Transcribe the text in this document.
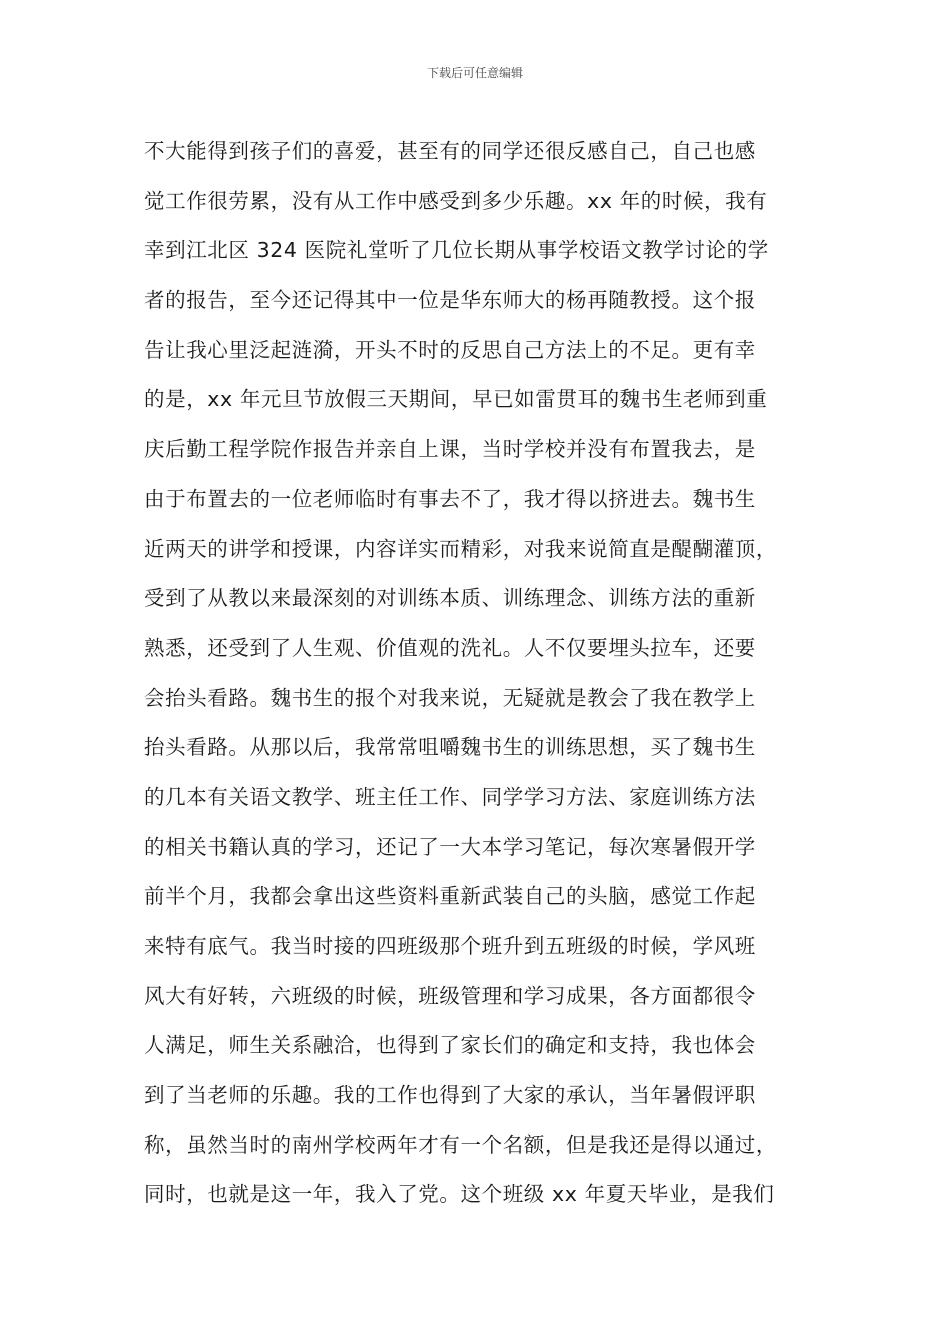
下载后可任意编辑
不大能得到孩子们的喜爱，甚至有的同学还很反感自己，自己也感
觉工作很劳累，没有从工作中感受到多少乐趣。xx 年的时候，我有
幸到江北区 324 医院礼堂听了几位长期从事学校语文教学讨论的学
者的报告，至今还记得其中一位是华东师大的杨再随教授。这个报
告让我心里泛起涟漪，开头不时的反思自己方法上的不足。更有幸
的是，xx 年元旦节放假三天期间，早已如雷贯耳的魏书生老师到重
庆后勤工程学院作报告并亲自上课，当时学校并没有布置我去，是
由于布置去的一位老师临时有事去不了，我才得以挤进去。魏书生
近两天的讲学和授课，内容详实而精彩，对我来说简直是醍醐灌顶，
受到了从教以来最深刻的对训练本质、训练理念、训练方法的重新
熟悉，还受到了人生观、价值观的洗礼。人不仅要埋头拉车，还要
会抬头看路。魏书生的报个对我来说，无疑就是教会了我在教学上
抬头看路。从那以后，我常常咀嚼魏书生的训练思想，买了魏书生
的几本有关语文教学、班主任工作、同学学习方法、家庭训练方法
的相关书籍认真的学习，还记了一大本学习笔记，每次寒暑假开学
前半个月，我都会拿出这些资料重新武装自己的头脑，感觉工作起
来特有底气。我当时接的四班级那个班升到五班级的时候，学风班
风大有好转，六班级的时候，班级管理和学习成果，各方面都很令
人满足，师生关系融洽，也得到了家长们的确定和支持，我也体会
到了当老师的乐趣。我的工作也得到了大家的承认，当年暑假评职
称，虽然当时的南州学校两年才有一个名额，但是我还是得以通过，
同时，也就是这一年，我入了党。这个班级 xx 年夏天毕业，是我们
